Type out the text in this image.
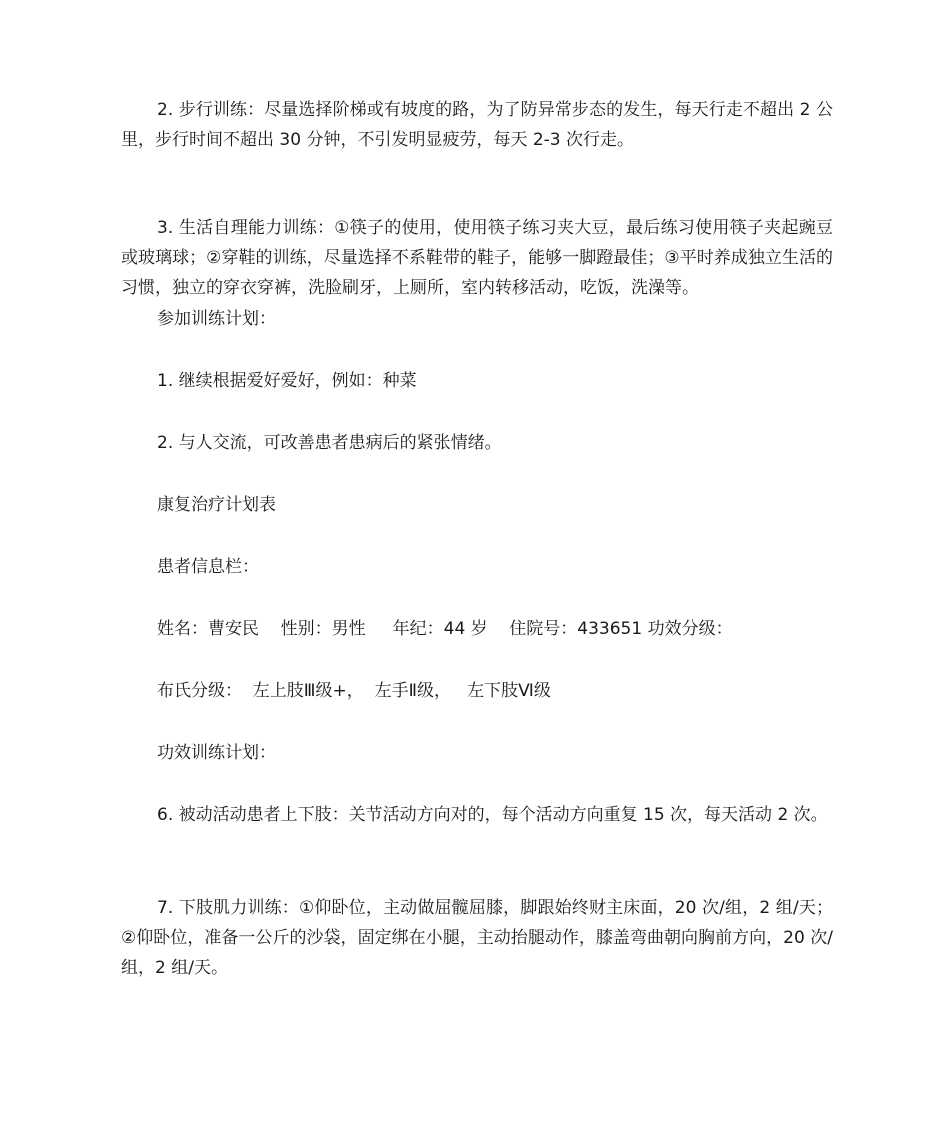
2. 步行训练：尽量选择阶梯或有坡度的路，为了防异常步态的发生，每天行走不超出 2 公里，步行时间不超出 30 分钟，不引发明显疲劳，每天 2-3 次行走。

3. 生活自理能力训练：①筷子的使用，使用筷子练习夹大豆，最后练习使用筷子夹起豌豆或玻璃球；②穿鞋的训练，尽量选择不系鞋带的鞋子，能够一脚蹬最佳；③平时养成独立生活的习惯，独立的穿衣穿裤，洗脸刷牙，上厕所，室内转移活动，吃饭，洗澡等。

参加训练计划：

1. 继续根据爱好爱好，例如：种菜

2. 与人交流，可改善患者患病后的紧张情绪。

康复治疗计划表

患者信息栏：

姓名：曹安民    性别：男性     年纪：44 岁    住院号：433651 功效分级：

布氏分级：  左上肢Ⅲ级+，  左手Ⅱ级，   左下肢Ⅵ级

功效训练计划：

6. 被动活动患者上下肢：关节活动方向对的，每个活动方向重复 15 次，每天活动 2 次。

7. 下肢肌力训练：①仰卧位，主动做屈髋屈膝，脚跟始终财主床面，20 次/组，2 组/天；②仰卧位，准备一公斤的沙袋，固定绑在小腿，主动抬腿动作，膝盖弯曲朝向胸前方向，20 次/组，2 组/天。
